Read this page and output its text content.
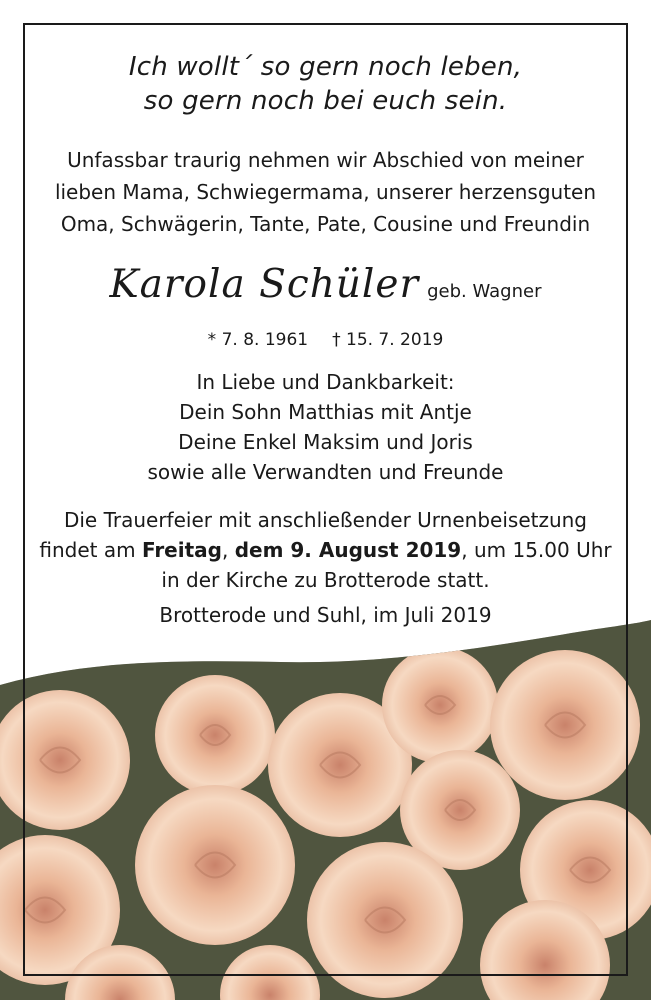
Ich wollt´ so gern noch leben,
so gern noch bei euch sein.
Unfassbar traurig nehmen wir Abschied von meiner
lieben Mama, Schwiegermama, unserer herzensguten
Oma, Schwägerin, Tante, Pate, Cousine und Freundin
Karola Schüler geb. Wagner
* 7. 8. 1961 † 15. 7. 2019
In Liebe und Dankbarkeit:
Dein Sohn Matthias mit Antje
Deine Enkel Maksim und Joris
sowie alle Verwandten und Freunde
Die Trauerfeier mit anschließender Urnenbeisetzung
findet am Freitag, dem 9. August 2019, um 15.00 Uhr
in der Kirche zu Brotterode statt.
Brotterode und Suhl, im Juli 2019
